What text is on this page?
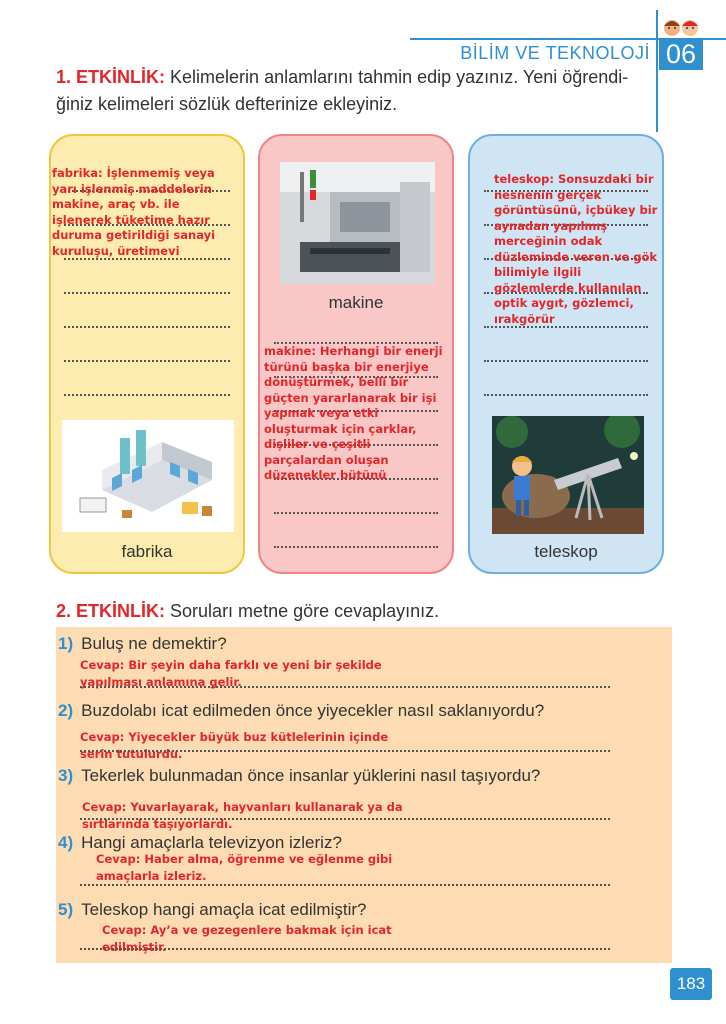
BİLİM VE TEKNOLOJİ 06
1. ETKİNLİK: Kelimelerin anlamlarını tahmin edip yazınız. Yeni öğrendi-
ğiniz kelimeleri sözlük defterinize ekleyiniz.
fabrika: İşlenmemiş veya yarı işlenmiş maddelerin makine, araç vb. ile işlenerek tüketime hazır duruma getirildiği sanayi kuruluşu, üretimevi
fabrika
makine
makine: Herhangi bir enerji türünü başka bir enerjiye dönüştürmek, belli bir güçten yararlanarak bir işi yapmak veya etki oluşturmak için çarklar, dişliler ve çeşitli parçalardan oluşan düzenekler bütünü
teleskop: Sonsuzdaki bir nesnenin gerçek görüntüsünü, içbükey bir aynadan yapılmış merceğinin odak düzleminde veren ve gök bilimiyle ilgili gözlemlerde kullanılan optik aygıt, gözlemci, ırakgörür
teleskop
2. ETKİNLİK: Soruları metne göre cevaplayınız.
1) Buluş ne demektir?
Cevap: Bir şeyin daha farklı ve yeni bir şekilde yapılması anlamına gelir.
2) Buzdolabı icat edilmeden önce yiyecekler nasıl saklanıyordu?
Cevap: Yiyecekler büyük buz kütlelerinin içinde serin tutulurdu.
3) Tekerlek bulunmadan önce insanlar yüklerini nasıl taşıyordu?
Cevap: Yuvarlayarak, hayvanları kullanarak ya da sırtlarında taşıyorlardı.
4) Hangi amaçlarla televizyon izleriz?
Cevap: Haber alma, öğrenme ve eğlenme gibi amaçlarla izleriz.
5) Teleskop hangi amaçla icat edilmiştir?
Cevap: Ay’a ve gezegenlere bakmak için icat edilmiştir.
183
